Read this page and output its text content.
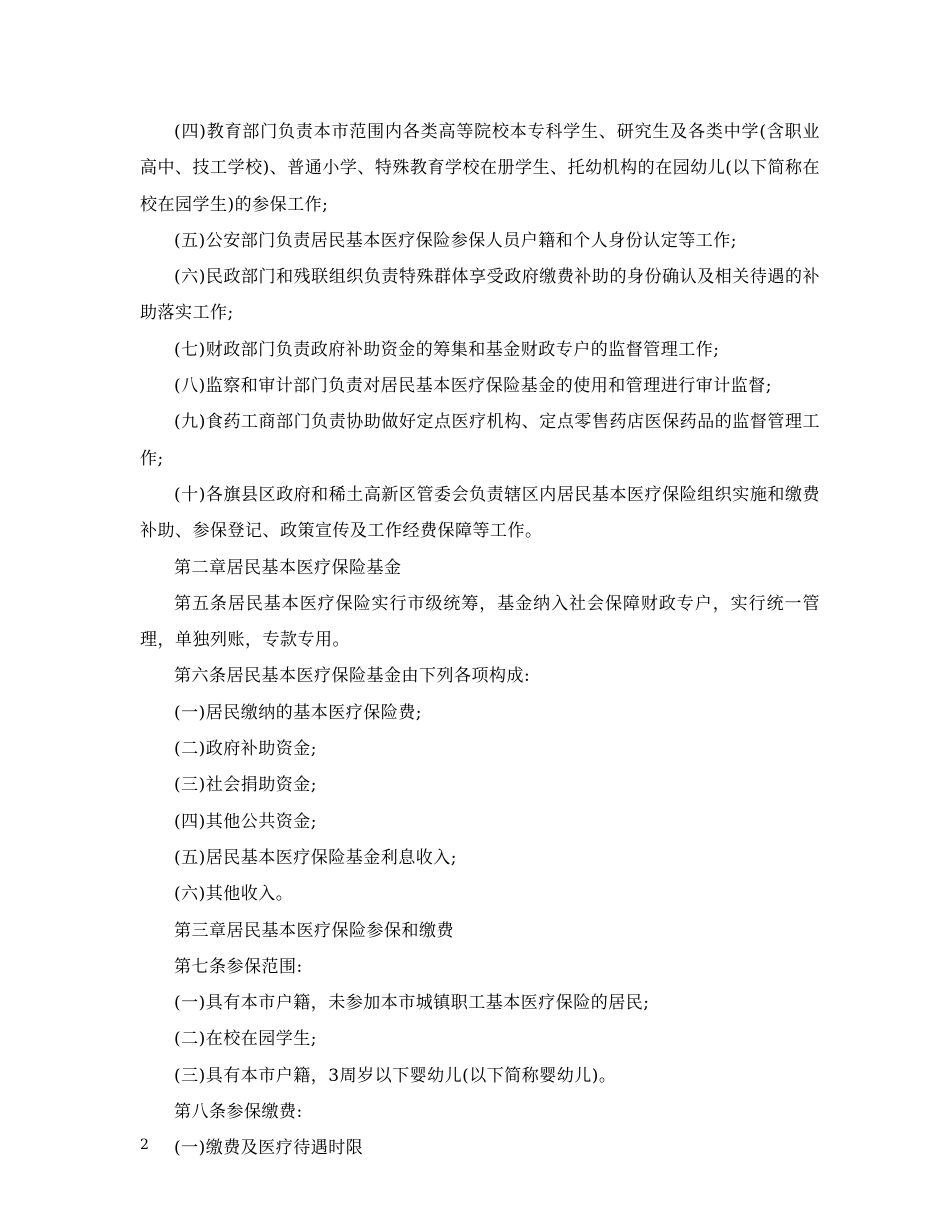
(四)教育部门负责本市范围内各类高等院校本专科学生、研究生及各类中学(含职业高中、技工学校)、普通小学、特殊教育学校在册学生、托幼机构的在园幼儿(以下简称在校在园学生)的参保工作;

(五)公安部门负责居民基本医疗保险参保人员户籍和个人身份认定等工作;

(六)民政部门和残联组织负责特殊群体享受政府缴费补助的身份确认及相关待遇的补助落实工作;

(七)财政部门负责政府补助资金的筹集和基金财政专户的监督管理工作;

(八)监察和审计部门负责对居民基本医疗保险基金的使用和管理进行审计监督;

(九)食药工商部门负责协助做好定点医疗机构、定点零售药店医保药品的监督管理工作;

(十)各旗县区政府和稀土高新区管委会负责辖区内居民基本医疗保险组织实施和缴费补助、参保登记、政策宣传及工作经费保障等工作。

第二章居民基本医疗保险基金

第五条居民基本医疗保险实行市级统筹，基金纳入社会保障财政专户，实行统一管理，单独列账，专款专用。

第六条居民基本医疗保险基金由下列各项构成:

(一)居民缴纳的基本医疗保险费;

(二)政府补助资金;

(三)社会捐助资金;

(四)其他公共资金;

(五)居民基本医疗保险基金利息收入;

(六)其他收入。

第三章居民基本医疗保险参保和缴费

第七条参保范围:

(一)具有本市户籍，未参加本市城镇职工基本医疗保险的居民;

(二)在校在园学生;

(三)具有本市户籍，3周岁以下婴幼儿(以下简称婴幼儿)。

第八条参保缴费:

(一)缴费及医疗待遇时限

2
